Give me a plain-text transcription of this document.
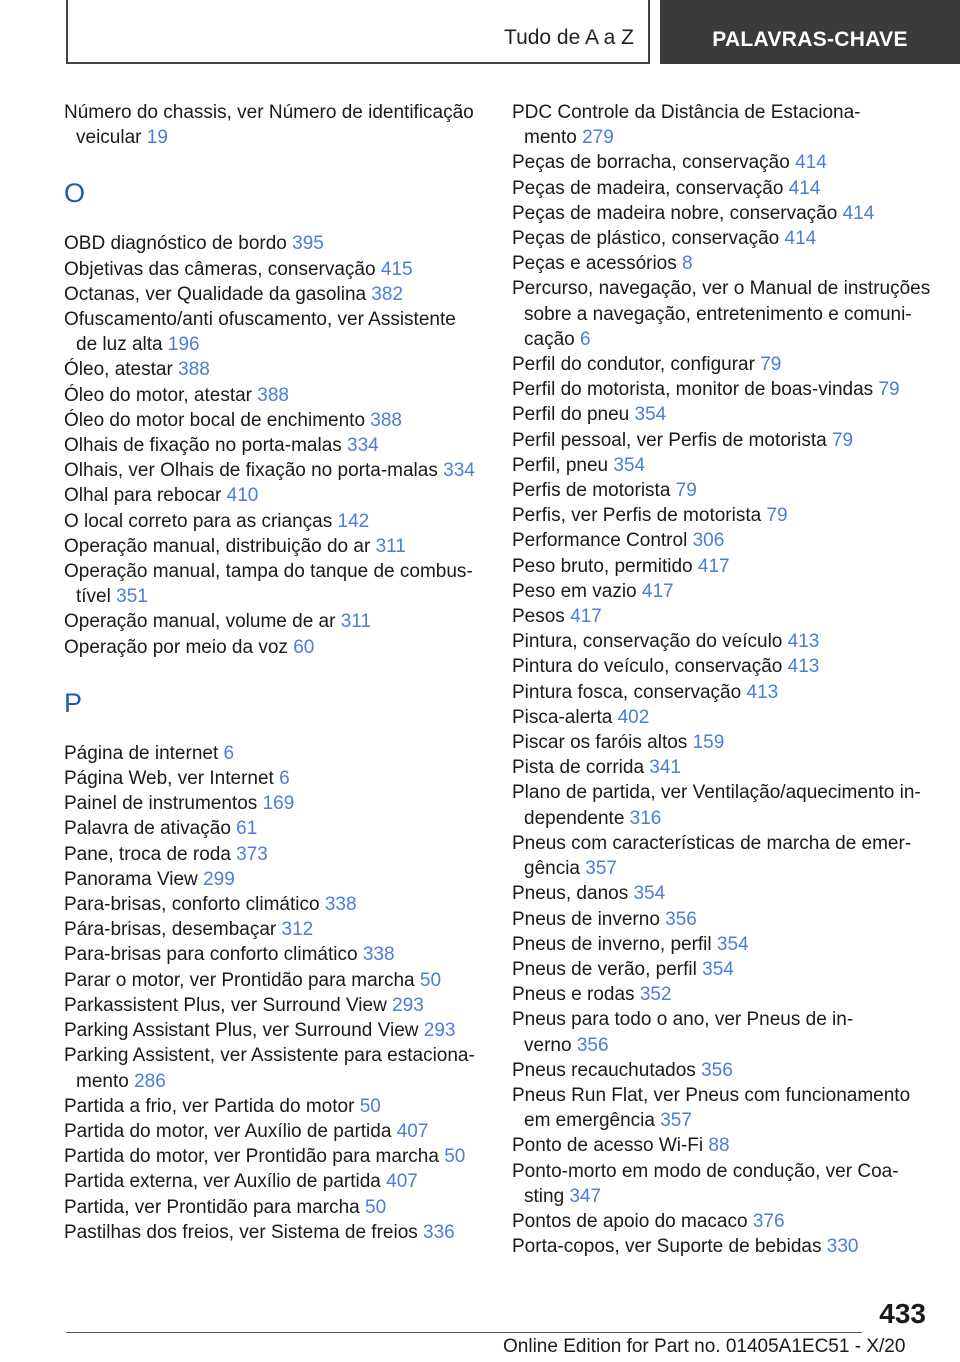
Tudo de A a Z	PALAVRAS-CHAVE
Número do chassis, ver Número de identificação
veicular 19
O
OBD diagnóstico de bordo 395
Objetivas das câmeras, conservação 415
Octanas, ver Qualidade da gasolina 382
Ofuscamento/anti ofuscamento, ver Assistente
de luz alta 196
Óleo, atestar 388
Óleo do motor, atestar 388
Óleo do motor bocal de enchimento 388
Olhais de fixação no porta-malas 334
Olhais, ver Olhais de fixação no porta-malas 334
Olhal para rebocar 410
O local correto para as crianças 142
Operação manual, distribuição do ar 311
Operação manual, tampa do tanque de combus‐
tível 351
Operação manual, volume de ar 311
Operação por meio da voz 60
P
Página de internet 6
Página Web, ver Internet 6
Painel de instrumentos 169
Palavra de ativação 61
Pane, troca de roda 373
Panorama View 299
Para-brisas, conforto climático 338
Pára-brisas, desembaçar 312
Para-brisas para conforto climático 338
Parar o motor, ver Prontidão para marcha 50
Parkassistent Plus, ver Surround View 293
Parking Assistant Plus, ver Surround View 293
Parking Assistent, ver Assistente para estaciona‐
mento 286
Partida a frio, ver Partida do motor 50
Partida do motor, ver Auxílio de partida 407
Partida do motor, ver Prontidão para marcha 50
Partida externa, ver Auxílio de partida 407
Partida, ver Prontidão para marcha 50
Pastilhas dos freios, ver Sistema de freios 336
PDC Controle da Distância de Estaciona‐
mento 279
Peças de borracha, conservação 414
Peças de madeira, conservação 414
Peças de madeira nobre, conservação 414
Peças de plástico, conservação 414
Peças e acessórios 8
Percurso, navegação, ver o Manual de instruções
sobre a navegação, entretenimento e comuni‐
cação 6
Perfil do condutor, configurar 79
Perfil do motorista, monitor de boas-vindas 79
Perfil do pneu 354
Perfil pessoal, ver Perfis de motorista 79
Perfil, pneu 354
Perfis de motorista 79
Perfis, ver Perfis de motorista 79
Performance Control 306
Peso bruto, permitido 417
Peso em vazio 417
Pesos 417
Pintura, conservação do veículo 413
Pintura do veículo, conservação 413
Pintura fosca, conservação 413
Pisca-alerta 402
Piscar os faróis altos 159
Pista de corrida 341
Plano de partida, ver Ventilação/aquecimento in‐
dependente 316
Pneus com características de marcha de emer‐
gência 357
Pneus, danos 354
Pneus de inverno 356
Pneus de inverno, perfil 354
Pneus de verão, perfil 354
Pneus e rodas 352
Pneus para todo o ano, ver Pneus de in‐
verno 356
Pneus recauchutados 356
Pneus Run Flat, ver Pneus com funcionamento
em emergência 357
Ponto de acesso Wi-Fi 88
Ponto-morto em modo de condução, ver Coa‐
sting 347
Pontos de apoio do macaco 376
Porta-copos, ver Suporte de bebidas 330
433
Online Edition for Part no. 01405A1EC51 - X/20
